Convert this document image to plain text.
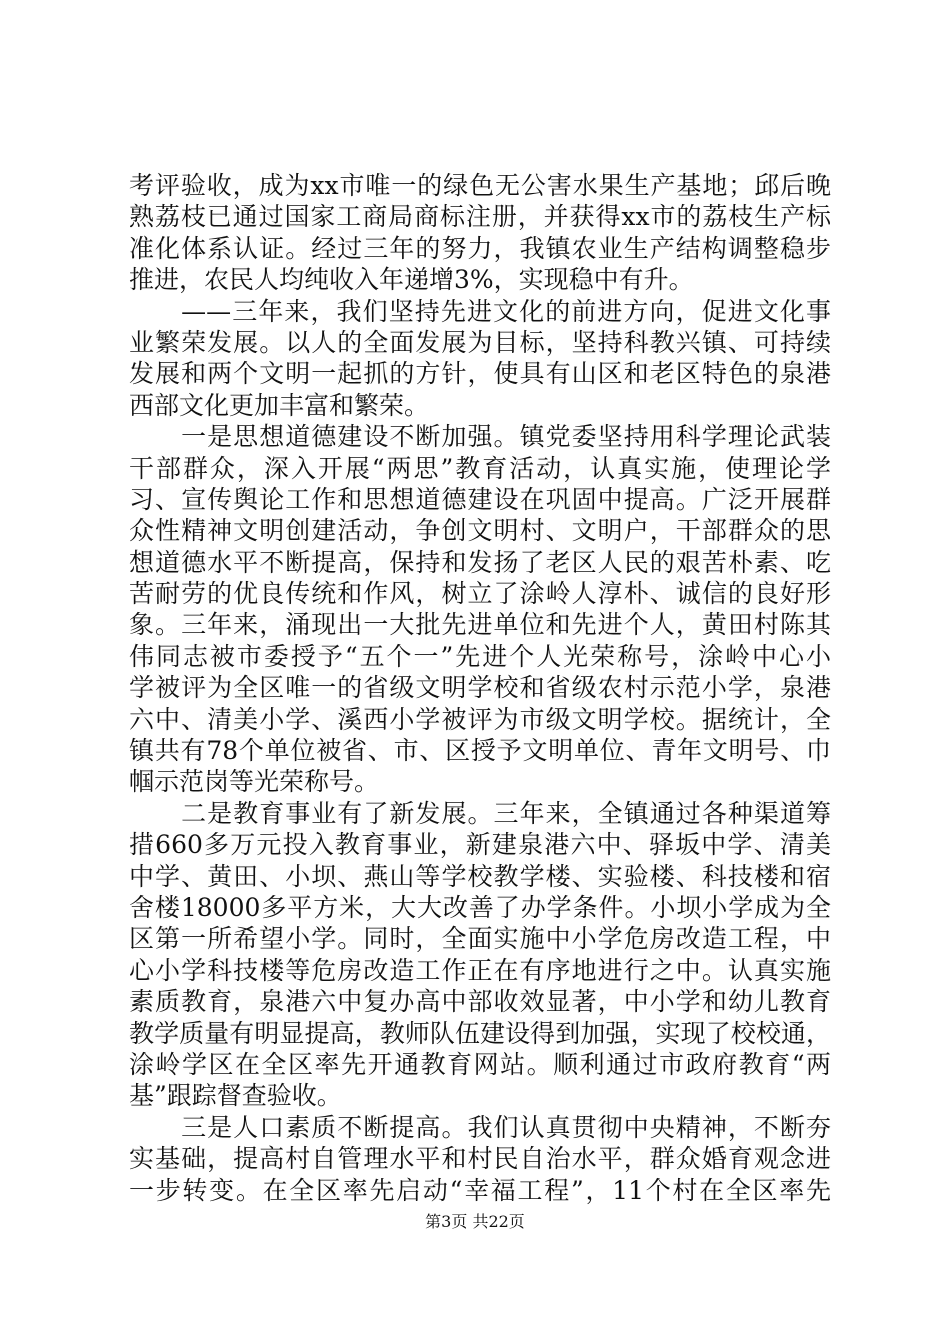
考评验收，成为xx市唯一的绿色无公害水果生产基地；邱后晚
熟荔枝已通过国家工商局商标注册，并获得xx市的荔枝生产标
准化体系认证。经过三年的努力，我镇农业生产结构调整稳步
推进，农民人均纯收入年递增3%，实现稳中有升。
　　——三年来，我们坚持先进文化的前进方向，促进文化事
业繁荣发展。以人的全面发展为目标，坚持科教兴镇、可持续
发展和两个文明一起抓的方针，使具有山区和老区特色的泉港
西部文化更加丰富和繁荣。
　　一是思想道德建设不断加强。镇党委坚持用科学理论武装
干部群众，深入开展“两思”教育活动，认真实施，使理论学
习、宣传舆论工作和思想道德建设在巩固中提高。广泛开展群
众性精神文明创建活动，争创文明村、文明户，干部群众的思
想道德水平不断提高，保持和发扬了老区人民的艰苦朴素、吃
苦耐劳的优良传统和作风，树立了涂岭人淳朴、诚信的良好形
象。三年来，涌现出一大批先进单位和先进个人，黄田村陈其
伟同志被市委授予“五个一”先进个人光荣称号，涂岭中心小
学被评为全区唯一的省级文明学校和省级农村示范小学，泉港
六中、清美小学、溪西小学被评为市级文明学校。据统计，全
镇共有78个单位被省、市、区授予文明单位、青年文明号、巾
帼示范岗等光荣称号。
　　二是教育事业有了新发展。三年来，全镇通过各种渠道筹
措660多万元投入教育事业，新建泉港六中、驿坂中学、清美
中学、黄田、小坝、燕山等学校教学楼、实验楼、科技楼和宿
舍楼18000多平方米，大大改善了办学条件。小坝小学成为全
区第一所希望小学。同时，全面实施中小学危房改造工程，中
心小学科技楼等危房改造工作正在有序地进行之中。认真实施
素质教育，泉港六中复办高中部收效显著，中小学和幼儿教育
教学质量有明显提高，教师队伍建设得到加强，实现了校校通，
涂岭学区在全区率先开通教育网站。顺利通过市政府教育“两
基”跟踪督查验收。
　　三是人口素质不断提高。我们认真贯彻中央精神，不断夯
实基础，提高村自管理水平和村民自治水平，群众婚育观念进
一步转变。在全区率先启动“幸福工程”，11个村在全区率先
第3页 共22页
